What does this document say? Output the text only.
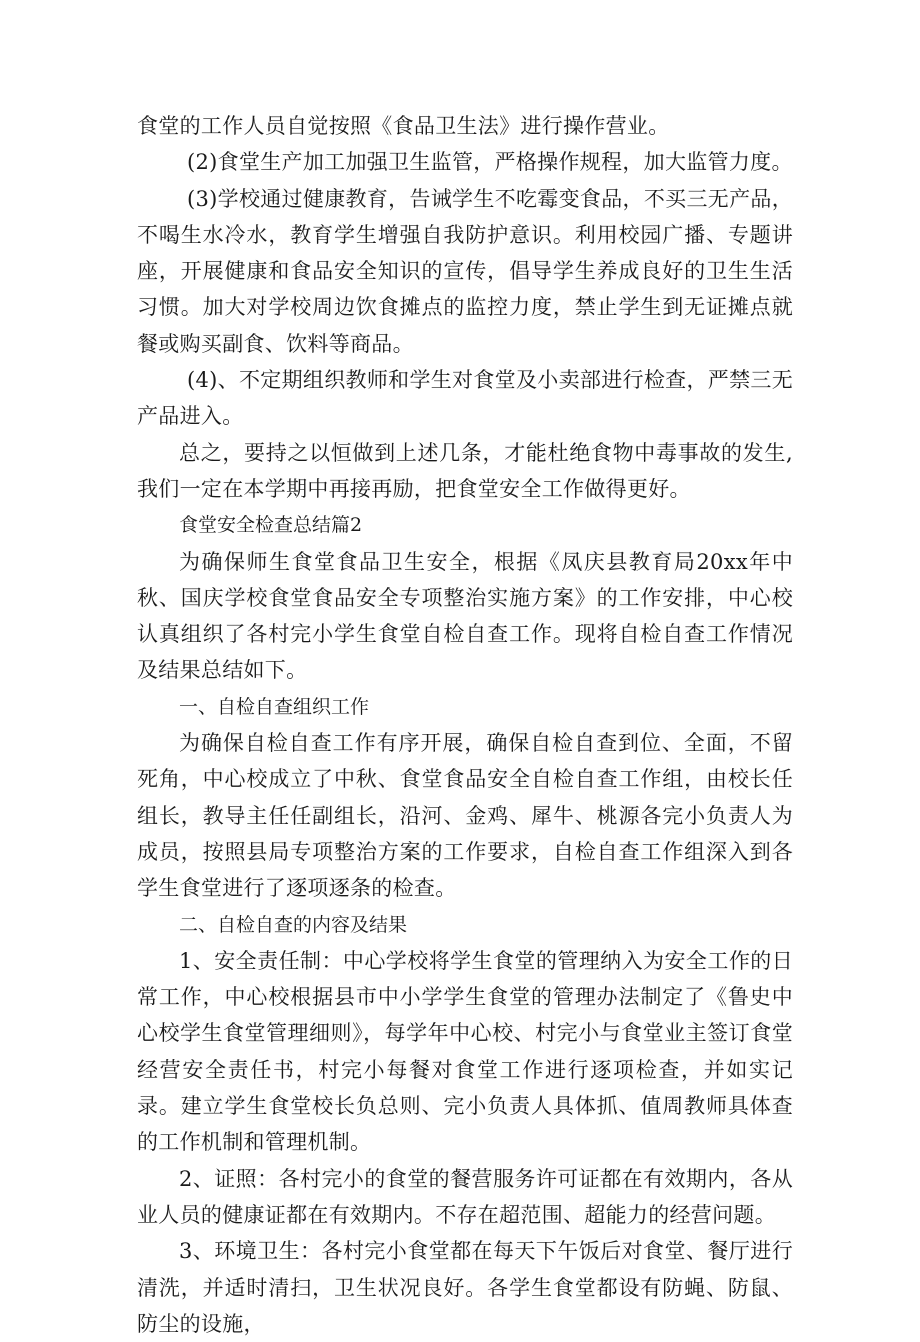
食堂的工作人员自觉按照《食品卫生法》进行操作营业。

(2)食堂生产加工加强卫生监管，严格操作规程，加大监管力度。

(3)学校通过健康教育，告诫学生不吃霉变食品，不买三无产品，不喝生水冷水，教育学生增强自我防护意识。利用校园广播、专题讲座，开展健康和食品安全知识的宣传，倡导学生养成良好的卫生生活习惯。加大对学校周边饮食摊点的监控力度，禁止学生到无证摊点就餐或购买副食、饮料等商品。

(4)、不定期组织教师和学生对食堂及小卖部进行检查，严禁三无产品进入。

总之，要持之以恒做到上述几条，才能杜绝食物中毒事故的发生,我们一定在本学期中再接再励，把食堂安全工作做得更好。

食堂安全检查总结篇2

为确保师生食堂食品卫生安全，根据《凤庆县教育局20xx年中秋、国庆学校食堂食品安全专项整治实施方案》的工作安排，中心校认真组织了各村完小学生食堂自检自查工作。现将自检自查工作情况及结果总结如下。

一、自检自查组织工作

为确保自检自查工作有序开展，确保自检自查到位、全面，不留死角，中心校成立了中秋、食堂食品安全自检自查工作组，由校长任组长，教导主任任副组长，沿河、金鸡、犀牛、桃源各完小负责人为成员，按照县局专项整治方案的工作要求，自检自查工作组深入到各学生食堂进行了逐项逐条的检查。

二、自检自查的内容及结果

1、安全责任制：中心学校将学生食堂的管理纳入为安全工作的日常工作，中心校根据县市中小学学生食堂的管理办法制定了《鲁史中心校学生食堂管理细则》，每学年中心校、村完小与食堂业主签订食堂经营安全责任书，村完小每餐对食堂工作进行逐项检查，并如实记录。建立学生食堂校长负总则、完小负责人具体抓、值周教师具体查的工作机制和管理机制。

2、证照：各村完小的食堂的餐营服务许可证都在有效期内，各从业人员的健康证都在有效期内。不存在超范围、超能力的经营问题。

3、环境卫生：各村完小食堂都在每天下午饭后对食堂、餐厅进行清洗，并适时清扫，卫生状况良好。各学生食堂都设有防蝇、防鼠、防尘的设施，
